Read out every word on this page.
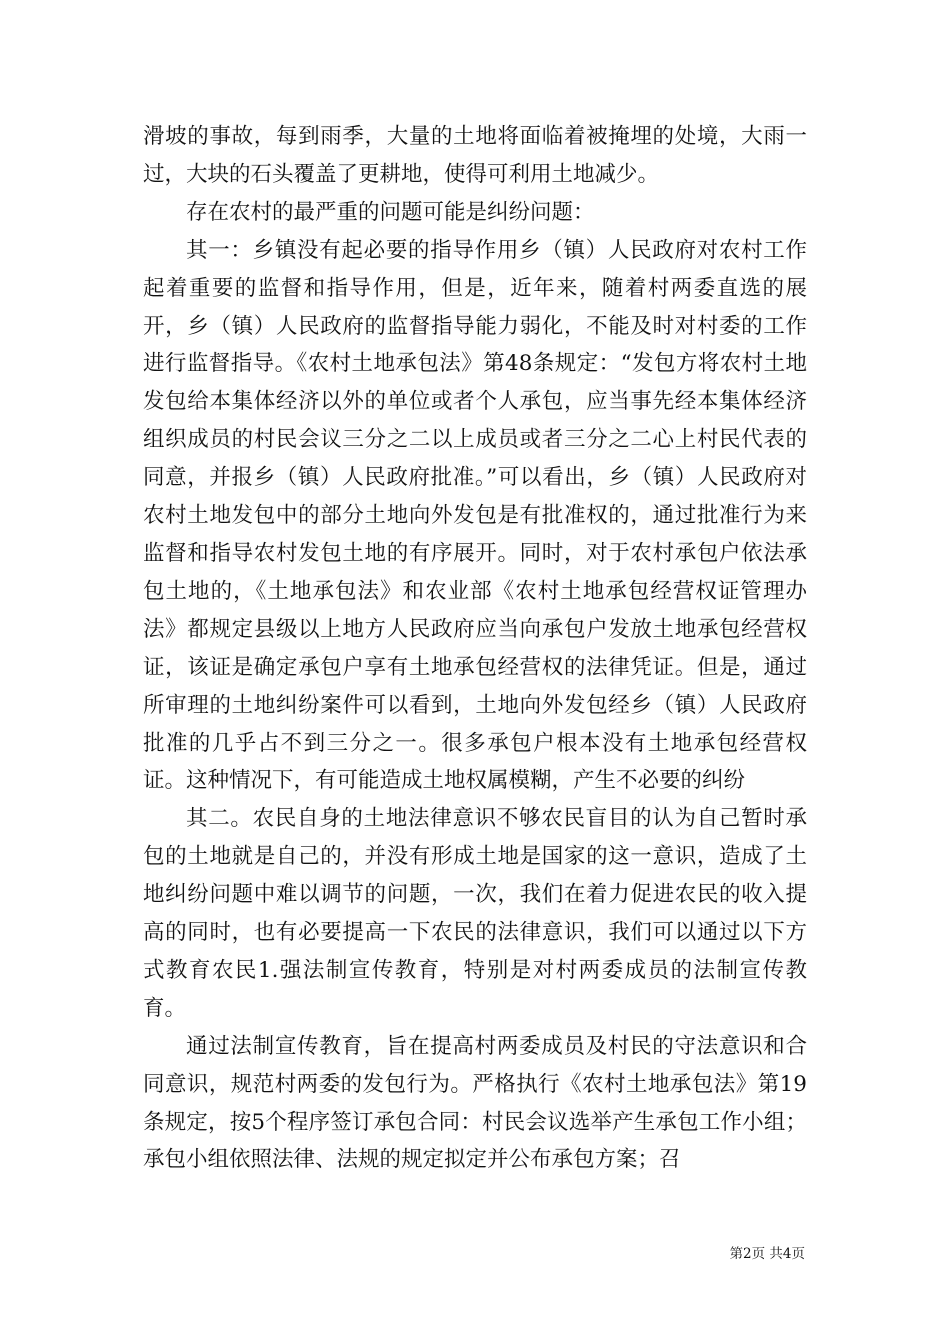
滑坡的事故，每到雨季，大量的土地将面临着被掩埋的处境，大雨一过，大块的石头覆盖了更耕地，使得可利用土地减少。

存在农村的最严重的问题可能是纠纷问题：

其一：乡镇没有起必要的指导作用乡（镇）人民政府对农村工作起着重要的监督和指导作用，但是，近年来，随着村两委直选的展开，乡（镇）人民政府的监督指导能力弱化，不能及时对村委的工作进行监督指导。《农村土地承包法》第48条规定：“发包方将农村土地发包给本集体经济以外的单位或者个人承包，应当事先经本集体经济组织成员的村民会议三分之二以上成员或者三分之二心上村民代表的同意，并报乡（镇）人民政府批准。”可以看出，乡（镇）人民政府对农村土地发包中的部分土地向外发包是有批准权的，通过批准行为来监督和指导农村发包土地的有序展开。同时，对于农村承包户依法承包土地的，《土地承包法》和农业部《农村土地承包经营权证管理办法》都规定县级以上地方人民政府应当向承包户发放土地承包经营权证，该证是确定承包户享有土地承包经营权的法律凭证。但是，通过所审理的土地纠纷案件可以看到，土地向外发包经乡（镇）人民政府批准的几乎占不到三分之一。很多承包户根本没有土地承包经营权证。这种情况下，有可能造成土地权属模糊，产生不必要的纠纷

其二。农民自身的土地法律意识不够农民盲目的认为自己暂时承包的土地就是自己的，并没有形成土地是国家的这一意识，造成了土地纠纷问题中难以调节的问题，一次，我们在着力促进农民的收入提高的同时，也有必要提高一下农民的法律意识，我们可以通过以下方式教育农民1.强法制宣传教育，特别是对村两委成员的法制宣传教育。

通过法制宣传教育，旨在提高村两委成员及村民的守法意识和合同意识，规范村两委的发包行为。严格执行《农村土地承包法》第19条规定，按5个程序签订承包合同：村民会议选举产生承包工作小组；承包小组依照法律、法规的规定拟定并公布承包方案；召

第2页 共4页
